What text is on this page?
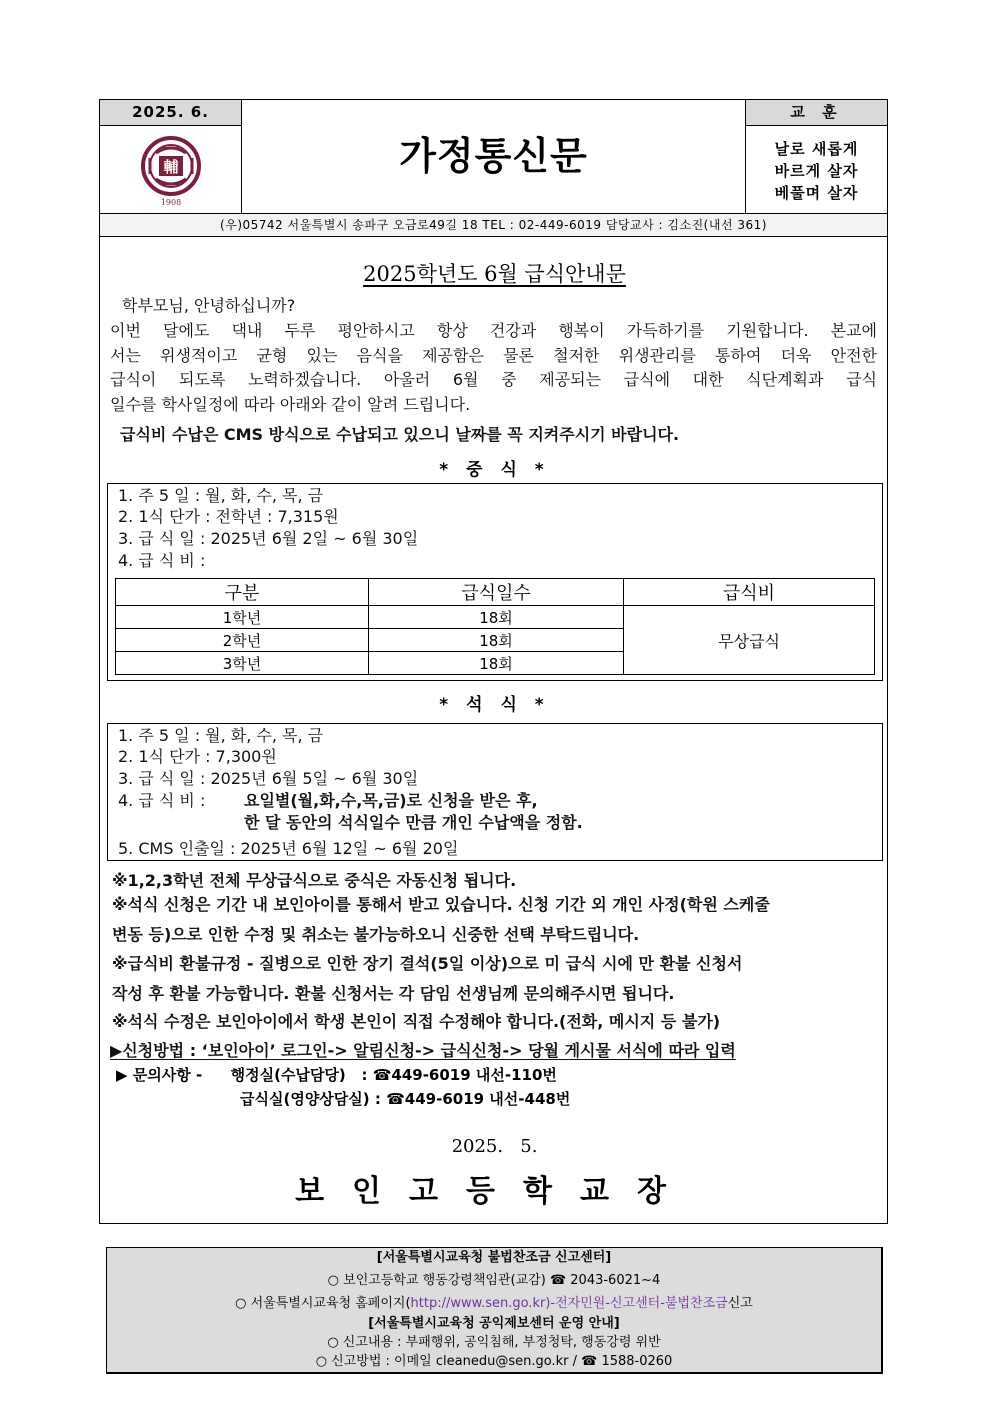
2025. 6.
輔
1908
가정통신문
교 훈
날로 새롭게
바르게 살자
베풀며 살자
(우)05742 서울특별시 송파구 오금로49길 18 TEL : 02-449-6019 담당교사 : 김소진(내선 361)
2025학년도 6월 급식안내문
학부모님, 안녕하십니까?
이번 달에도 댁내 두루 평안하시고 항상 건강과 행복이 가득하기를 기원합니다. 본교에
서는 위생적이고 균형 있는 음식을 제공함은 물론 철저한 위생관리를 통하여 더욱 안전한
급식이 되도록 노력하겠습니다. 아울러 6월 중 제공되는 급식에 대한 식단계획과 급식
일수를 학사일정에 따라 아래와 같이 알려 드립니다.
급식비 수납은 CMS 방식으로 수납되고 있으니 날짜를 꼭 지켜주시기 바랍니다.
* 중 식 *
1. 주 5 일 : 월, 화, 수, 목, 금
2. 1식 단가 : 전학년 : 7,315원
3. 급 식 일 : 2025년 6월 2일 ~ 6월 30일
4. 급 식 비 :
구분	급식일수	급식비
1학년	18회	무상급식
2학년	18회	
3학년	18회	
* 석 식 *
1. 주 5 일 : 월, 화, 수, 목, 금
2. 1식 단가 : 7,300원
3. 급 식 일 : 2025년 6월 5일 ~ 6월 30일
4. 급 식 비 : 요일별(월,화,수,목,금)로 신청을 받은 후,
한 달 동안의 석식일수 만큼 개인 수납액을 정함.
5. CMS 인출일 : 2025년 6월 12일 ~ 6월 20일
※1,2,3학년 전체 무상급식으로 중식은 자동신청 됩니다.
※석식 신청은 기간 내 보인아이를 통해서 받고 있습니다. 신청 기간 외 개인 사정(학원 스케줄
변동 등)으로 인한 수정 및 취소는 불가능하오니 신중한 선택 부탁드립니다.
※급식비 환불규정 - 질병으로 인한 장기 결석(5일 이상)으로 미 급식 시에 만 환불 신청서
작성 후 환불 가능합니다. 환불 신청서는 각 담임 선생님께 문의해주시면 됩니다.
※석식 수정은 보인아이에서 학생 본인이 직접 수정해야 합니다.(전화, 메시지 등 불가)
▶신청방법 : ‘보인아이’ 로그인-> 알림신청-> 급식신청-> 당월 게시물 서식에 따라 입력
▶ 문의사항 - 행정실(수납담당)   : ☎449-6019 내선-110번
급식실(영양상담실) : ☎449-6019 내선-448번
2025.   5.
보인고등학교장
[서울특별시교육청 불법찬조금 신고센터]
○ 보인고등학교 행동강령책임관(교감) ☎ 2043-6021~4
○ 서울특별시교육청 홈페이지(http://www.sen.go.kr)-전자민원-신고센터-불법찬조금신고
[서울특별시교육청 공익제보센터 운영 안내]
○ 신고내용 : 부패행위, 공익침해, 부정청탁, 행동강령 위반
○ 신고방법 : 이메일 cleanedu@sen.go.kr / ☎ 1588-0260
